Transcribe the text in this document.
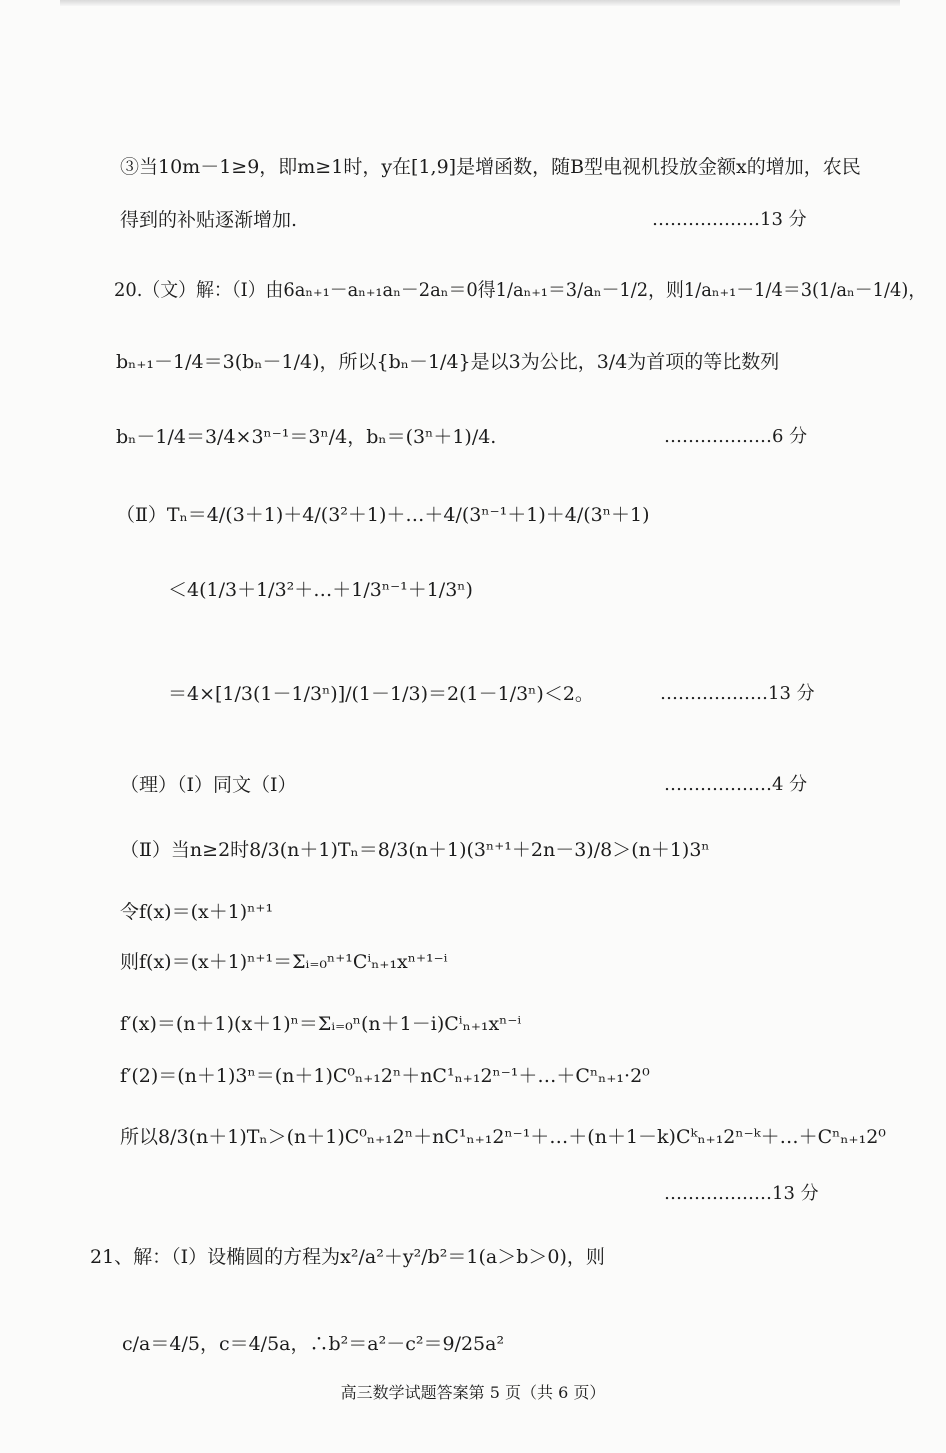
③当10m－1≥9，即m≥1时，y在[1,9]是增函数，随B型电视机投放金额x的增加，农民
得到的补贴逐渐增加.
20.（文）解：（Ⅰ）由6aₙ₊₁－aₙ₊₁aₙ－2aₙ＝0得1/aₙ₊₁＝3/aₙ－1/2，则1/aₙ₊₁－1/4＝3(1/aₙ－1/4)，
bₙ₊₁－1/4＝3(bₙ－1/4)，所以{bₙ－1/4}是以3为公比，3/4为首项的等比数列
bₙ－1/4＝3/4×3ⁿ⁻¹＝3ⁿ/4，bₙ＝(3ⁿ＋1)/4.
（Ⅱ）Tₙ＝4/(3＋1)＋4/(3²＋1)＋…＋4/(3ⁿ⁻¹＋1)＋4/(3ⁿ＋1)
＜4(1/3＋1/3²＋…＋1/3ⁿ⁻¹＋1/3ⁿ)
＝4×[1/3(1－1/3ⁿ)]/(1－1/3)＝2(1－1/3ⁿ)＜2。
（理）（Ⅰ）同文（Ⅰ）
（Ⅱ）当n≥2时8/3(n＋1)Tₙ＝8/3(n＋1)(3ⁿ⁺¹＋2n－3)/8＞(n＋1)3ⁿ
令f(x)＝(x＋1)ⁿ⁺¹
则f(x)＝(x＋1)ⁿ⁺¹＝Σᵢ₌₀ⁿ⁺¹Cⁱₙ₊₁xⁿ⁺¹⁻ⁱ
f′(x)＝(n＋1)(x＋1)ⁿ＝Σᵢ₌₀ⁿ(n＋1－i)Cⁱₙ₊₁xⁿ⁻ⁱ
f′(2)＝(n＋1)3ⁿ＝(n＋1)C⁰ₙ₊₁2ⁿ＋nC¹ₙ₊₁2ⁿ⁻¹＋…＋Cⁿₙ₊₁·2⁰
所以8/3(n＋1)Tₙ＞(n＋1)C⁰ₙ₊₁2ⁿ＋nC¹ₙ₊₁2ⁿ⁻¹＋…＋(n＋1－k)Cᵏₙ₊₁2ⁿ⁻ᵏ＋…＋Cⁿₙ₊₁2⁰
21、解：（Ⅰ）设椭圆的方程为x²/a²＋y²/b²＝1(a＞b＞0)，则
c/a＝4/5，c＝4/5a，∴b²＝a²－c²＝9/25a²
………………13 分
………………6 分
………………13 分
………………4 分
………………13 分
高三数学试题答案第 5 页（共 6 页）
